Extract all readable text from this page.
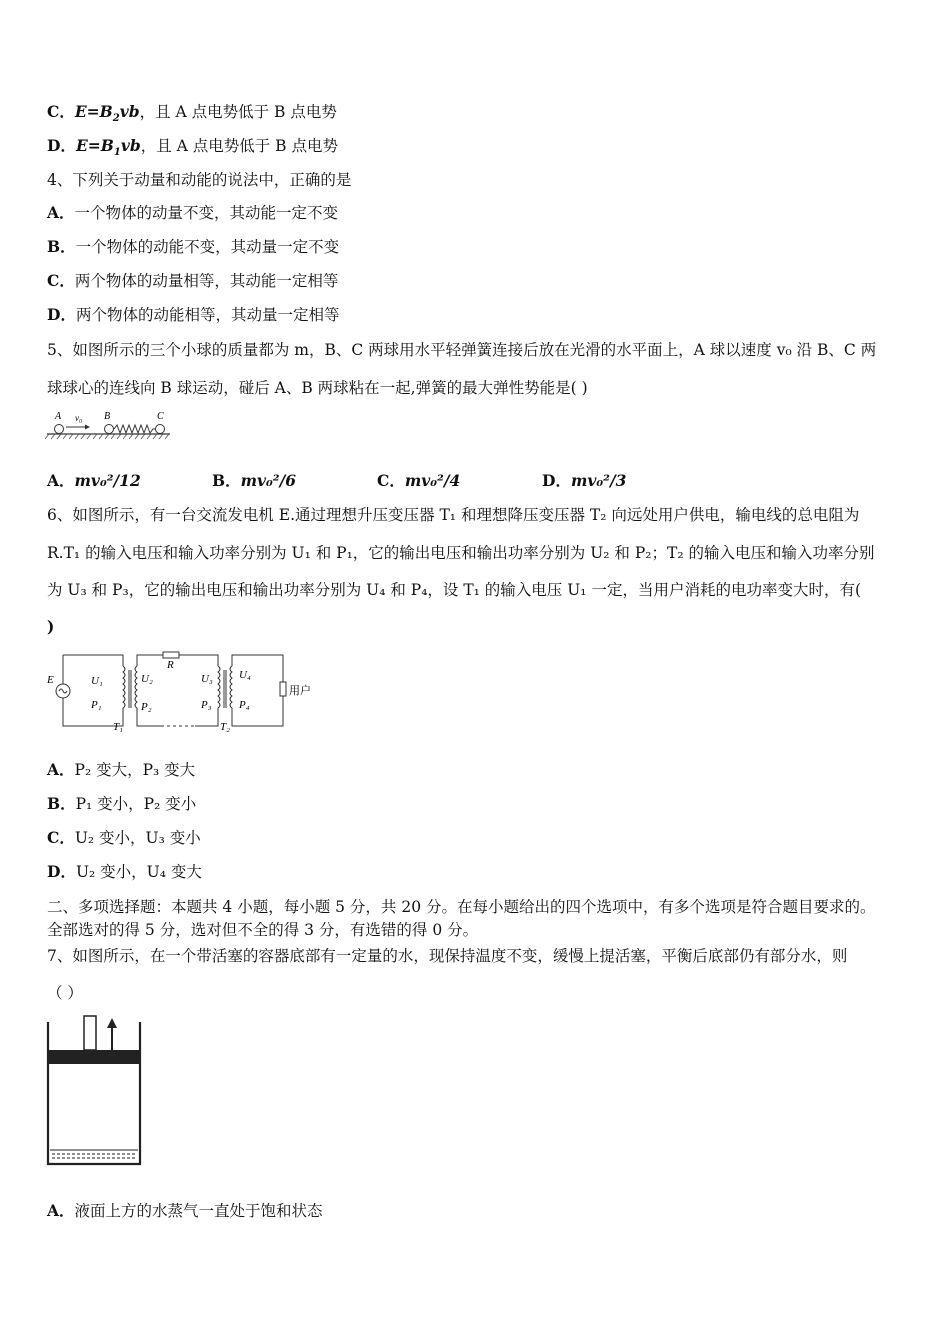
C．$E=B_2vb$，且 A 点电势低于 B 点电势
D．$E=B_1vb$，且 A 点电势低于 B 点电势
4、下列关于动量和动能的说法中，正确的是
A．一个物体的动量不变，其动能一定不变
B．一个物体的动能不变，其动量一定不变
C．两个物体的动量相等，其动能一定相等
D．两个物体的动能相等，其动量一定相等
5、如图所示的三个小球的质量都为 m，B、C 两球用水平轻弹簧连接后放在光滑的水平面上，A 球以速度 v₀ 沿 B、C 两
球球心的连线向 B 球运动，碰后 A、B 两球粘在一起,弹簧的最大弹性势能是( )
A v₀ B	C
A．mv₀²/12	B．mv₀²/6	C．mv₀²/4	D．mv₀²/3
6、如图所示，有一台交流发电机 E.通过理想升压变压器 T₁ 和理想降压变压器 T₂ 向远处用户供电，输电线的总电阻为
R.T₁ 的输入电压和输入功率分别为 U₁ 和 P₁，它的输出电压和输出功率分别为 U₂ 和 P₂；T₂ 的输入电压和输入功率分别
为 U₃ 和 P₃，它的输出电压和输出功率分别为 U₄ 和 P₄，设 T₁ 的输入电压 U₁ 一定，当用户消耗的电功率变大时，有(
)
E	U₁
P₁
U₂
P₂
T₁
R
U₃
P₃
U₄
P₄
T₂
用户
A．P₂ 变大，P₃ 变大
B．P₁ 变小，P₂ 变小
C．U₂ 变小，U₃ 变小
D．U₂ 变小，U₄ 变大
二、多项选择题：本题共 4 小题，每小题 5 分，共 20 分。在每小题给出的四个选项中，有多个选项是符合题目要求的。
全部选对的得 5 分，选对但不全的得 3 分，有选错的得 0 分。
7、如图所示，在一个带活塞的容器底部有一定量的水，现保持温度不变，缓慢上提活塞，平衡后底部仍有部分水，则
（ ）
A．液面上方的水蒸气一直处于饱和状态
